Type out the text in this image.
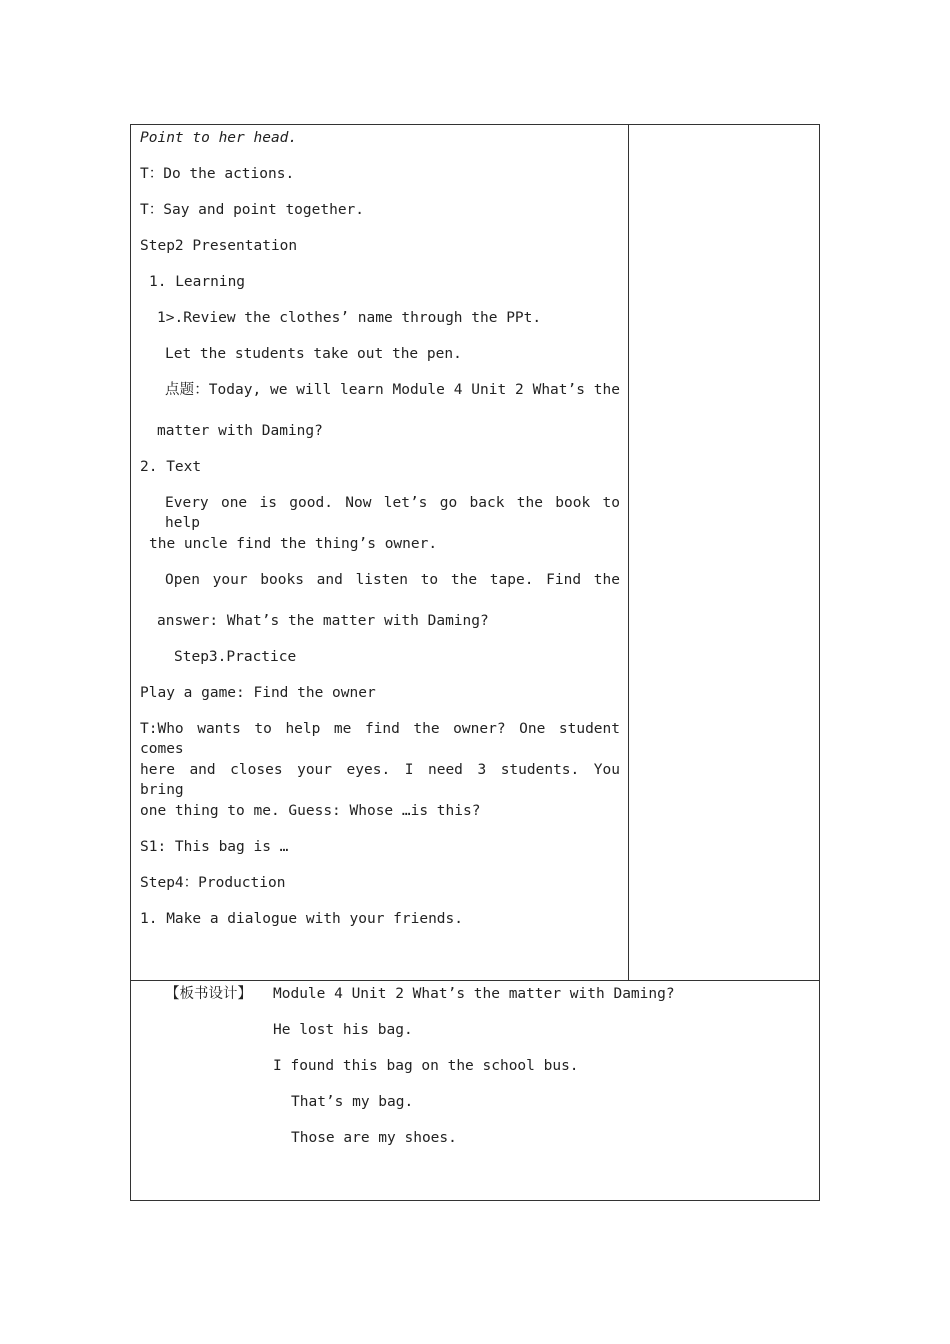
Point to her head.
T：Do the actions.
T：Say and point together.
Step2 Presentation
1. Learning
1>.Review the clothes’ name through the PPt.
Let the students take out the pen.
点题：Today, we will learn Module 4 Unit 2 What’s the
matter with Daming?
2. Text
Every one is good. Now let’s go back the book to help
the uncle find the thing’s owner.
Open your books and listen to the tape. Find the
answer: What’s the matter with Daming?
Step3.Practice
Play a game: Find the owner
T:Who wants to help me find the owner? One student comes
here and closes your eyes. I need 3 students. You bring
one thing to me. Guess: Whose …is this?
S1: This bag is …
Step4：Production
1. Make a dialogue with your friends.
【板书设计】 Module 4 Unit 2 What’s the matter with Daming?
He lost his bag.
I found this bag on the school bus.
That’s my bag.
Those are my shoes.
